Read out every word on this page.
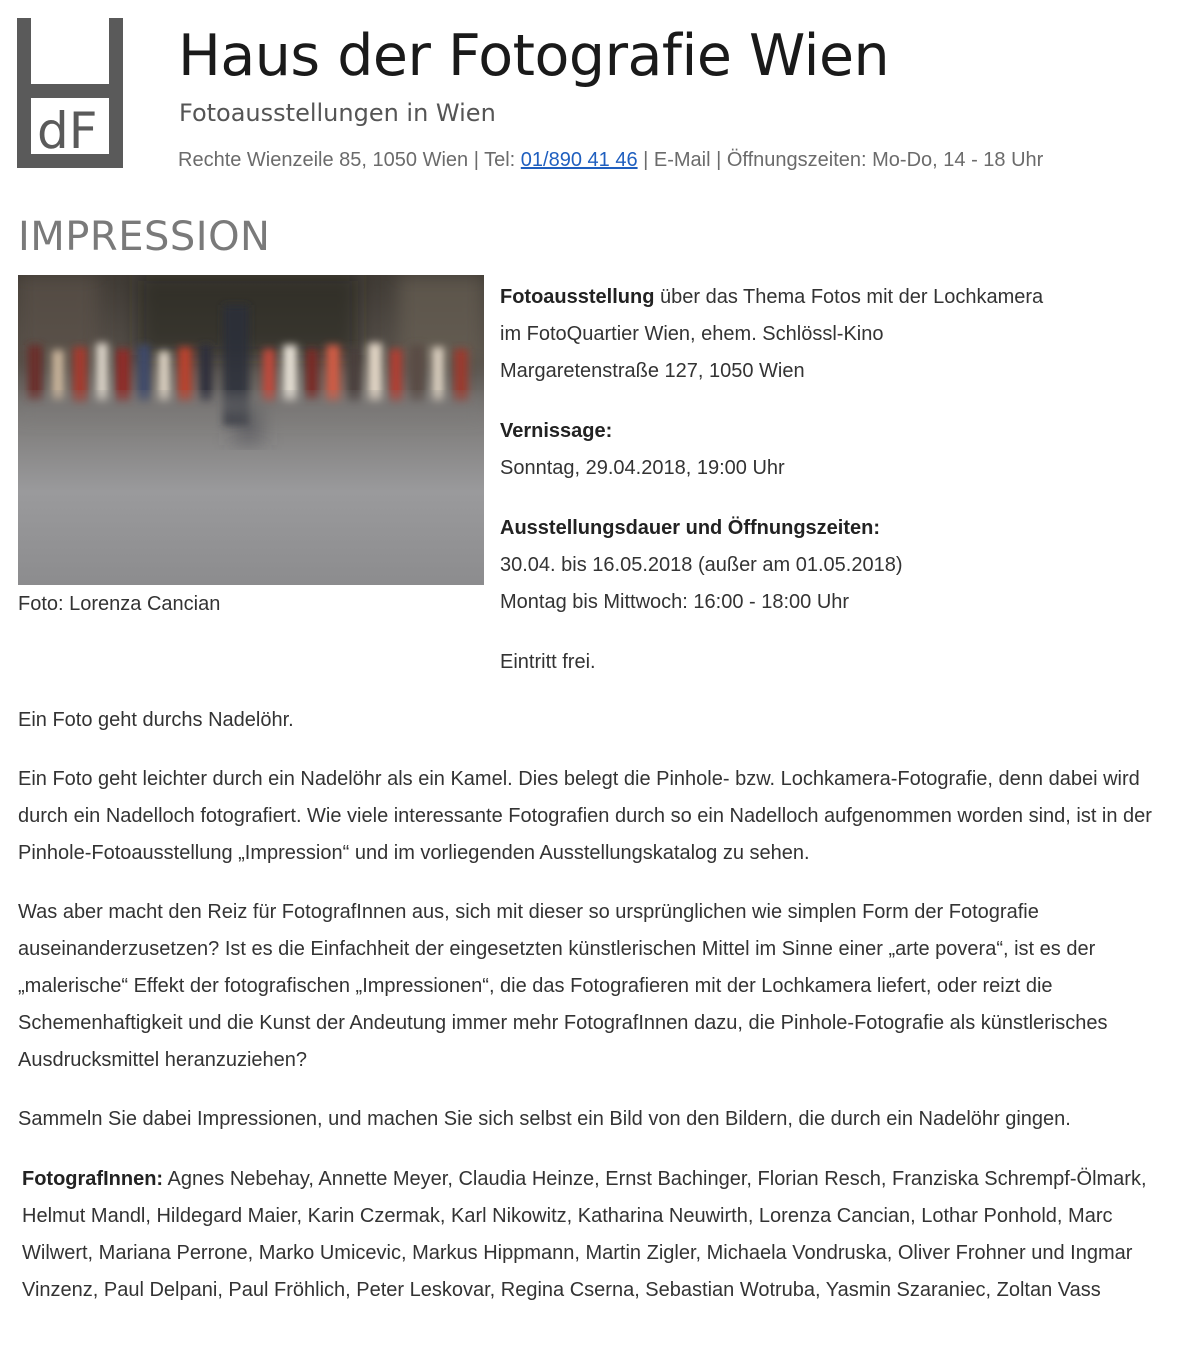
dF
Haus der Fotografie Wien
Fotoausstellungen in Wien
Rechte Wienzeile 85, 1050 Wien | Tel: 01/890 41 46 | E-Mail | Öffnungszeiten: Mo-Do, 14 - 18 Uhr
IMPRESSION
Foto: Lorenza Cancian

Fotoausstellung über das Thema Fotos mit der Lochkamera

im FotoQuartier Wien, ehem. Schlössl-Kino

Margaretenstraße 127, 1050 Wien

Vernissage:

Sonntag, 29.04.2018, 19:00 Uhr

Ausstellungsdauer und Öffnungszeiten:

30.04. bis 16.05.2018 (außer am 01.05.2018)

Montag bis Mittwoch: 16:00 - 18:00 Uhr

Eintritt frei.

Ein Foto geht durchs Nadelöhr.

Ein Foto geht leichter durch ein Nadelöhr als ein Kamel. Dies belegt die Pinhole- bzw. Lochkamera-Fotografie, denn dabei wird durch ein Nadelloch fotografiert. Wie viele interessante Fotografien durch so ein Nadelloch aufgenommen worden sind, ist in der Pinhole-Fotoausstellung „Impression“ und im vorliegenden Ausstellungskatalog zu sehen.

Was aber macht den Reiz für FotografInnen aus, sich mit dieser so ursprünglichen wie simplen Form der Fotografie auseinanderzusetzen? Ist es die Einfachheit der eingesetzten künstlerischen Mittel im Sinne einer „arte povera“, ist es der „malerische“ Effekt der fotografischen „Impressionen“, die das Fotografieren mit der Lochkamera liefert, oder reizt die Schemenhaftigkeit und die Kunst der Andeutung immer mehr FotografInnen dazu, die Pinhole-Fotografie als künstlerisches Ausdrucksmittel heranzuziehen?

Sammeln Sie dabei Impressionen, und machen Sie sich selbst ein Bild von den Bildern, die durch ein Nadelöhr gingen.

FotografInnen: Agnes Nebehay, Annette Meyer, Claudia Heinze, Ernst Bachinger, Florian Resch, Franziska Schrempf-Ölmark, Helmut Mandl, Hildegard Maier, Karin Czermak, Karl Nikowitz, Katharina Neuwirth, Lorenza Cancian, Lothar Ponhold, Marc Wilwert, Mariana Perrone, Marko Umicevic, Markus Hippmann, Martin Zigler, Michaela Vondruska, Oliver Frohner und Ingmar Vinzenz, Paul Delpani, Paul Fröhlich, Peter Leskovar, Regina Cserna, Sebastian Wotruba, Yasmin Szaraniec, Zoltan Vass
